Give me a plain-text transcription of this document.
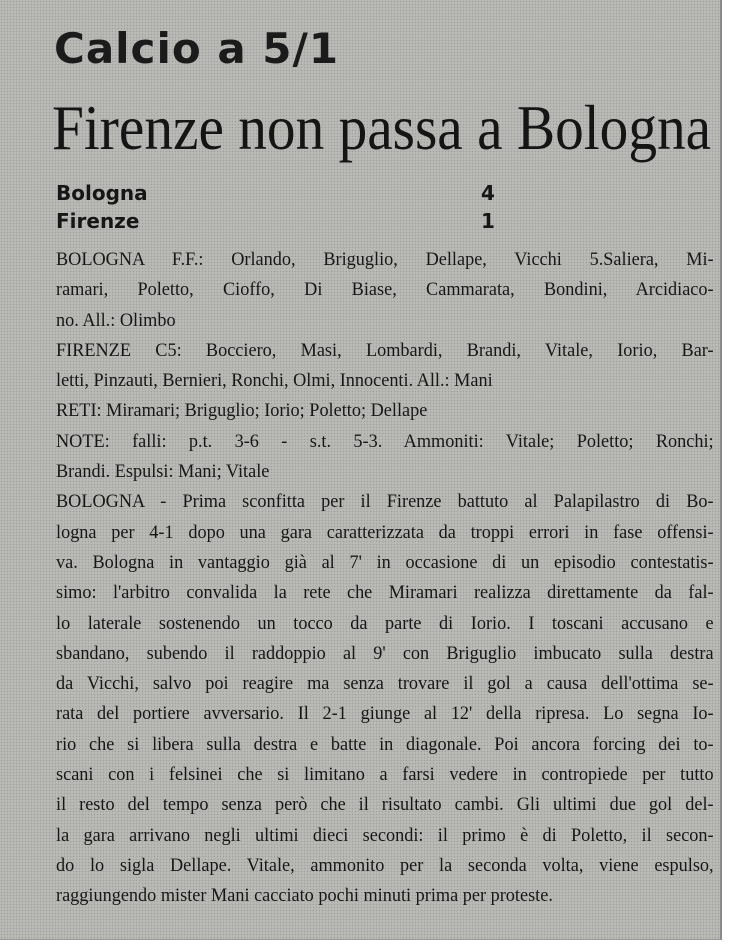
Calcio a 5/1
Firenze non passa a Bologna
Bologna	4
Firenze	1
BOLOGNA F.F.: Orlando, Briguglio, Dellape, Vicchi 5.Saliera, Mi-
ramari, Poletto, Cioffo, Di Biase, Cammarata, Bondini, Arcidiaco-
no. All.: Olimbo
FIRENZE C5: Bocciero, Masi, Lombardi, Brandi, Vitale, Iorio, Bar-
letti, Pinzauti, Bernieri, Ronchi, Olmi, Innocenti. All.: Mani
RETI: Miramari; Briguglio; Iorio; Poletto; Dellape
NOTE: falli: p.t. 3-6 - s.t. 5-3. Ammoniti: Vitale; Poletto; Ronchi;
Brandi. Espulsi: Mani; Vitale
BOLOGNA - Prima sconfitta per il Firenze battuto al Palapilastro di Bo-
logna per 4-1 dopo una gara caratterizzata da troppi errori in fase offensi-
va. Bologna in vantaggio già al 7' in occasione di un episodio contestatis-
simo: l'arbitro convalida la rete che Miramari realizza direttamente da fal-
lo laterale sostenendo un tocco da parte di Iorio. I toscani accusano e
sbandano, subendo il raddoppio al 9' con Briguglio imbucato sulla destra
da Vicchi, salvo poi reagire ma senza trovare il gol a causa dell'ottima se-
rata del portiere avversario. Il 2-1 giunge al 12' della ripresa. Lo segna Io-
rio che si libera sulla destra e batte in diagonale. Poi ancora forcing dei to-
scani con i felsinei che si limitano a farsi vedere in contropiede per tutto
il resto del tempo senza però che il risultato cambi. Gli ultimi due gol del-
la gara arrivano negli ultimi dieci secondi: il primo è di Poletto, il secon-
do lo sigla Dellape. Vitale, ammonito per la seconda volta, viene espulso,
raggiungendo mister Mani cacciato pochi minuti prima per proteste.
